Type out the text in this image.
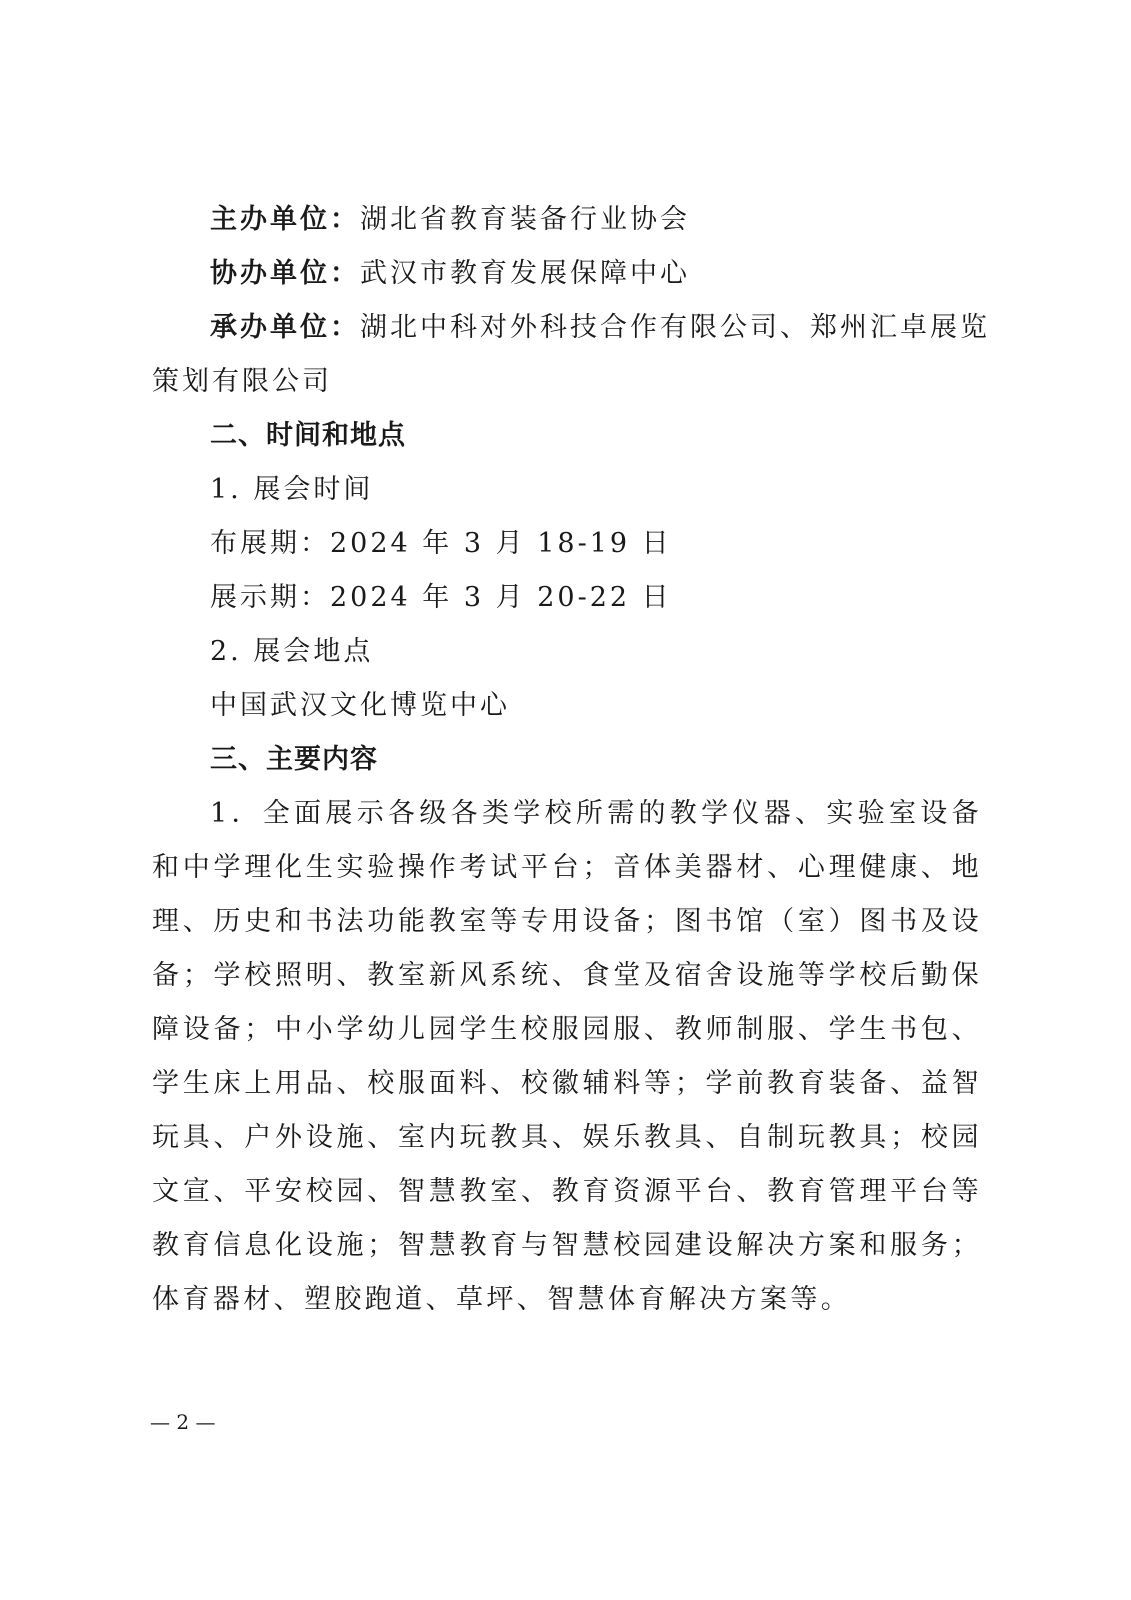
主办单位：湖北省教育装备行业协会
协办单位：武汉市教育发展保障中心
承办单位：湖北中科对外科技合作有限公司、郑州汇卓展览
策划有限公司
二、时间和地点
1. 展会时间
布展期：2024 年 3 月 18-19 日
展示期：2024 年 3 月 20-22 日
2. 展会地点
中国武汉文化博览中心
三、主要内容
1．全面展示各级各类学校所需的教学仪器、实验室设备和中学理化生实验操作考试平台；音体美器材、心理健康、地理、历史和书法功能教室等专用设备；图书馆（室）图书及设备；学校照明、教室新风系统、食堂及宿舍设施等学校后勤保障设备；中小学幼儿园学生校服园服、教师制服、学生书包、学生床上用品、校服面料、校徽辅料等；学前教育装备、益智玩具、户外设施、室内玩教具、娱乐教具、自制玩教具；校园文宣、平安校园、智慧教室、教育资源平台、教育管理平台等教育信息化设施；智慧教育与智慧校园建设解决方案和服务；体育器材、塑胶跑道、草坪、智慧体育解决方案等。
— 2 —
